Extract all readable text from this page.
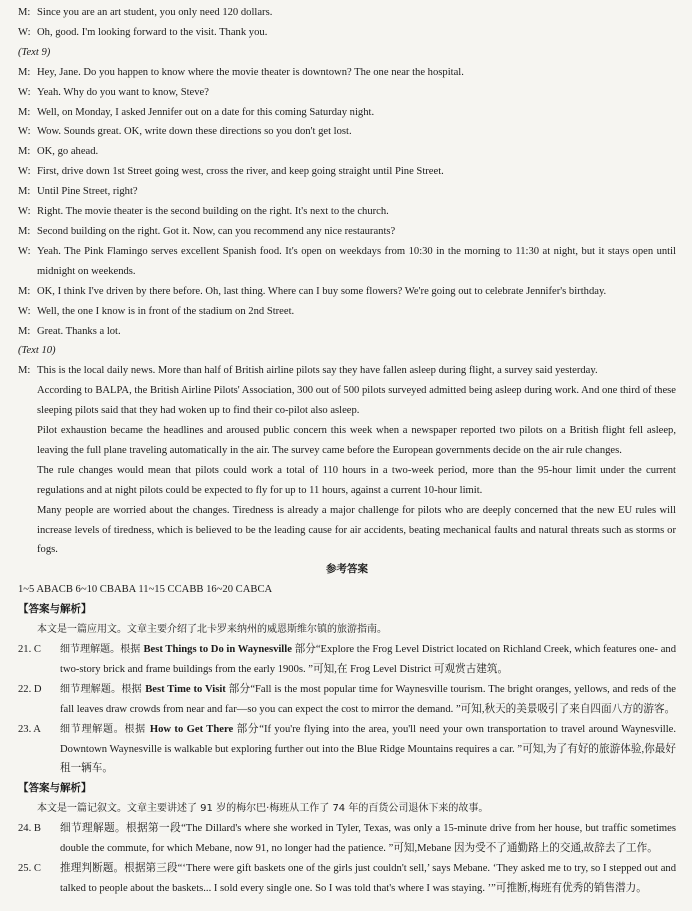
M: Since you are an art student, you only need 120 dollars.
W: Oh, good. I'm looking forward to the visit. Thank you.
(Text 9)
M: Hey, Jane. Do you happen to know where the movie theater is downtown? The one near the hospital.
W: Yeah. Why do you want to know, Steve?
M: Well, on Monday, I asked Jennifer out on a date for this coming Saturday night.
W: Wow. Sounds great. OK, write down these directions so you don't get lost.
M: OK, go ahead.
W: First, drive down 1st Street going west, cross the river, and keep going straight until Pine Street.
M: Until Pine Street, right?
W: Right. The movie theater is the second building on the right. It's next to the church.
M: Second building on the right. Got it. Now, can you recommend any nice restaurants?
W: Yeah. The Pink Flamingo serves excellent Spanish food. It's open on weekdays from 10:30 in the morning to 11:30 at night, but it stays open until midnight on weekends.
M: OK, I think I've driven by there before. Oh, last thing. Where can I buy some flowers? We're going out to celebrate Jennifer's birthday.
W: Well, the one I know is in front of the stadium on 2nd Street.
M: Great. Thanks a lot.
(Text 10)
M: This is the local daily news. More than half of British airline pilots say they have fallen asleep during flight, a survey said yesterday.

According to BALPA, the British Airline Pilots' Association, 300 out of 500 pilots surveyed admitted being asleep during work. And one third of these sleeping pilots said that they had woken up to find their co-pilot also asleep.

Pilot exhaustion became the headlines and aroused public concern this week when a newspaper reported two pilots on a British flight fell asleep, leaving the full plane traveling automatically in the air. The survey came before the European governments decide on the air rule changes.

The rule changes would mean that pilots could work a total of 110 hours in a two-week period, more than the 95-hour limit under the current regulations and at night pilots could be expected to fly for up to 11 hours, against a current 10-hour limit.

Many people are worried about the changes. Tiredness is already a major challenge for pilots who are deeply concerned that the new EU rules will increase levels of tiredness, which is believed to be the leading cause for air accidents, beating mechanical faults and natural threats such as storms or fogs.

参考答案
1~5 ABACB 6~10 CBABA 11~15 CCABB 16~20 CABCA
【答案与解析】

本文是一篇应用文。文章主要介绍了北卡罗来纳州的威恩斯维尔镇的旅游指南。

21. C	细节理解题。根据 Best Things to Do in Waynesville 部分“Explore the Frog Level District located on Richland Creek, which features one- and two-story brick and frame buildings from the early 1900s. ”可知,在 Frog Level District 可观赏古建筑。
22. D	细节理解题。根据 Best Time to Visit 部分“Fall is the most popular time for Waynesville tourism. The bright oranges, yellows, and reds of the fall leaves draw crowds from near and far—so you can expect the cost to mirror the demand. ”可知,秋天的美景吸引了来自四面八方的游客。
23. A	细节理解题。根据 How to Get There 部分“If you're flying into the area, you'll need your own transportation to travel around Waynesville. Downtown Waynesville is walkable but exploring further out into the Blue Ridge Mountains requires a car. ”可知,为了有好的旅游体验,你最好租一辆车。
【答案与解析】

本文是一篇记叙文。文章主要讲述了 91 岁的梅尔巴·梅班从工作了 74 年的百货公司退休下来的故事。

24. B	细节理解题。根据第一段“The Dillard's where she worked in Tyler, Texas, was only a 15-minute drive from her house, but traffic sometimes double the commute, for which Mebane, now 91, no longer had the patience. ”可知,Mebane 因为受不了通勤路上的交通,故辞去了工作。
25. C	推理判断题。根据第三段“‘There were gift baskets one of the girls just couldn't sell,’ says Mebane. ‘They asked me to try, so I stepped out and talked to people about the baskets... I sold every single one. So I was told that's where I was staying. ’”可推断,梅班有优秀的销售潜力。
